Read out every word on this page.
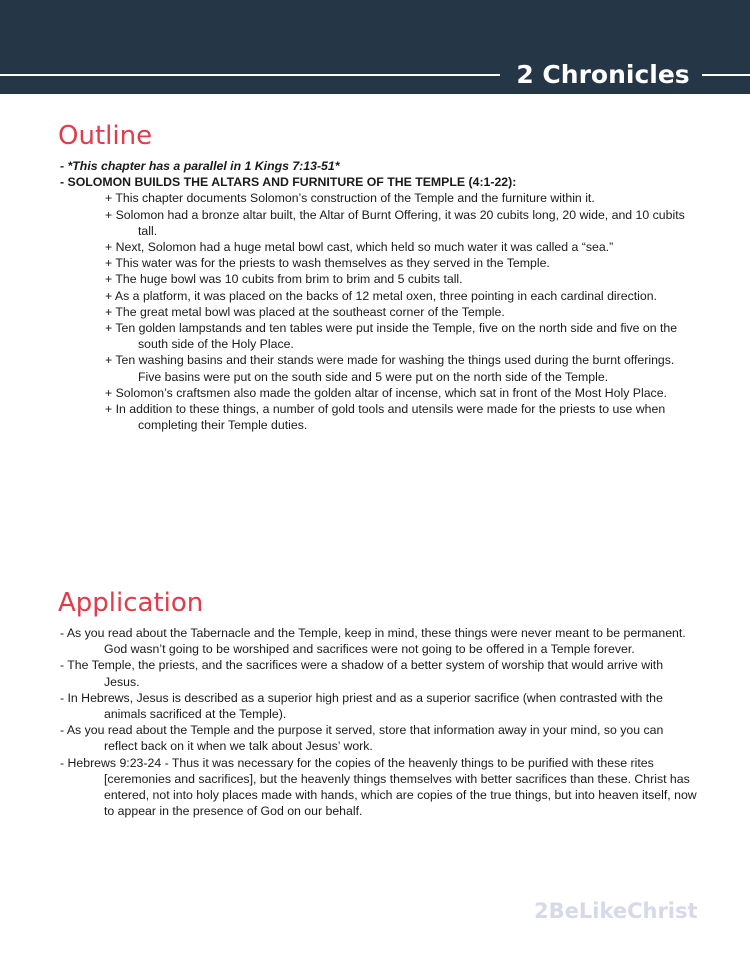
2 Chronicles
Outline

- *This chapter has a parallel in 1 Kings 7:13-51*

- SOLOMON BUILDS THE ALTARS AND FURNITURE OF THE TEMPLE (4:1-22):

+ This chapter documents Solomon’s construction of the Temple and the furniture within it.

+ Solomon had a bronze altar built, the Altar of Burnt Offering, it was 20 cubits long, 20 wide, and 10 cubits tall.

+ Next, Solomon had a huge metal bowl cast, which held so much water it was called a “sea.”

+ This water was for the priests to wash themselves as they served in the Temple.

+ The huge bowl was 10 cubits from brim to brim and 5 cubits tall.

+ As a platform, it was placed on the backs of 12 metal oxen, three pointing in each cardinal direction.

+ The great metal bowl was placed at the southeast corner of the Temple.

+ Ten golden lampstands and ten tables were put inside the Temple, five on the north side and five on the south side of the Holy Place.

+ Ten washing basins and their stands were made for washing the things used during the burnt offerings. Five basins were put on the south side and 5 were put on the north side of the Temple.

+ Solomon’s craftsmen also made the golden altar of incense, which sat in front of the Most Holy Place.

+ In addition to these things, a number of gold tools and utensils were made for the priests to use when completing their Temple duties.

Application

- As you read about the Tabernacle and the Temple, keep in mind, these things were never meant to be permanent. God wasn’t going to be worshiped and sacrifices were not going to be offered in a Temple forever.

- The Temple, the priests, and the sacrifices were a shadow of a better system of worship that would arrive with Jesus.

- In Hebrews, Jesus is described as a superior high priest and as a superior sacrifice (when contrasted with the animals sacrificed at the Temple).

- As you read about the Temple and the purpose it served, store that information away in your mind, so you can reflect back on it when we talk about Jesus’ work.

- Hebrews 9:23-24 - Thus it was necessary for the copies of the heavenly things to be purified with these rites [ceremonies and sacrifices], but the heavenly things themselves with better sacrifices than these. Christ has entered, not into holy places made with hands, which are copies of the true things, but into heaven itself, now to appear in the presence of God on our behalf.

2BeLikeChrist
